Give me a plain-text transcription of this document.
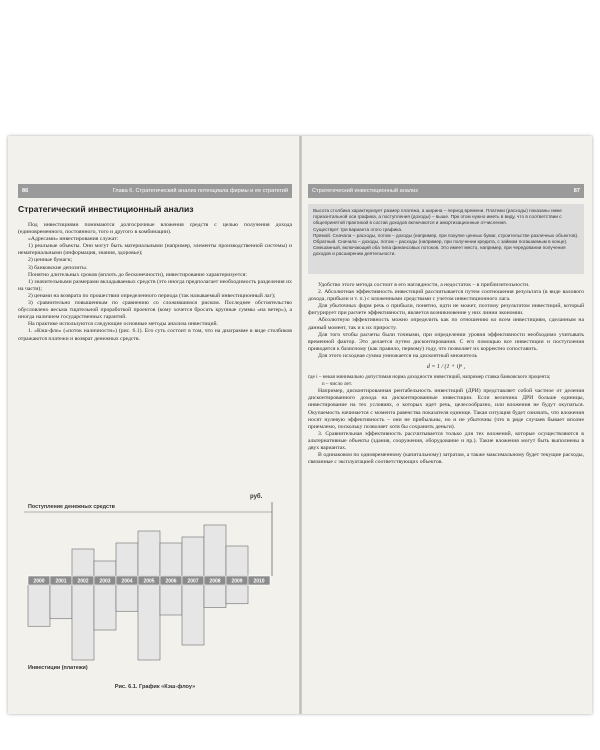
86	Глава 6. Стратегический анализ потенциала фирмы и ее стратегий
Стратегический инвестиционный анализ

Под инвестициями понимаются долгосрочные вложения средств с целью получения дохода (единовременного, постоянного, того и другого в комбинации).

«Адресами» инвестирования служат:

1) реальные объекты. Они могут быть материальными (например, элементы производственной системы) и нематериальными (информация, знания, здоровье);

2) ценные бумаги;

3) банковские депозиты.

Понятно длительных сроков (вплоть до бесконечности), инвестирование характеризуется:

1) значительными размерами вкладываемых средств (это иногда предполагает необходимость разделения их на части);

2) ценами на возврата по прошествии определенного периода (так называемый инвестиционный лаг);

3) сравнительно повышенным по сравнению со сложившимся риском. Последнее обстоятельство обусловлено весьма тщательной проработкой проектов (кому хочется бросать крупные суммы «на ветер»), а иногда наличием государственных гарантий.

На практике используются следующие основные методы анализа инвестиций.

1. «Кэш-фло» («поток наличности») (рис. 6.1). Его суть состоит в том, что на диаграмме в виде столбиков отражаются платежи и возврат денежных средств.

руб.
Поступление денежных средств
Инвестиции (платежи)
2000 2001 2002 2003 2004 2005 2006 2007 2008 2009 2010
Рис. 6.1. График «Кэш-флоу»
Стратегический инвестиционный анализ	87

Высота столбика характеризует размер платежа, а ширина – период времени. Платежи (расходы) показаны ниже горизонтальной оси графика, а поступления (доходы) – выше. При этом нужно иметь в виду, что в соответствии с общепринятой практикой в состав доходов включаются и амортизационные отчисления.

Существует три варианта этого графика.

Прямой. Сначала – расходы, потом – доходы (например, при покупке ценных бумаг, строительстве различных объектов).

Обратный. Сначала – доходы, потом – расходы (например, при получении кредита, с займом погашаемым в конце).

Смешанный, включающий оба типа финансовых потоков. Это имеет место, например, при чередовании получения доходов и расширении деятельности.

Удобство этого метода состоит в его наглядности, а недостаток – в приблизительности.

2. Абсолютная эффективность инвестиций рассчитывается путем соотношения результата (в виде валового дохода, прибыли и т. п.) с вложенными средствами с учетом инвестиционного лага.

Для убыточных фирм речь о прибыли, понятно, идти не может, поэтому результатом инвестиций, который фигурирует при расчете эффективности, является возникновение у них линии экономии.

Абсолютную эффективность можно определить как по отношению ко всем инвестициям, сделанным на данный момент, так и к их приросту.

Для того чтобы расчеты были точными, при определении уровня эффективности необходимо учитывать временной фактор. Это делается путем дисконтирования. С его помощью все инвестиции и поступления приводятся к базисному (как правило, первому) году, что позволяет их корректно сопоставить.

Для этого исходная сумма умножается на дисконтный множитель

d = 1 / (1 + i)ⁿ ,

где i – некая минимально допустимая норма доходности инвестиций, например ставка банковского процента;

n – число лет.

Например, дисконтированная рентабельность инвестиций (ДРИ) представляет собой частное от деления дисконтированного дохода на дисконтированные инвестиции. Если величина ДРИ больше единицы, инвестирование на тех условиях, о которых идет речь, целесообразно, или вложения не будут окупаться. Окупаемость начинается с момента равенства показателя единице. Такая ситуация будет означать, что вложения носят нулевую эффективность – они не прибыльны, но и не убыточны (что в ряде случаев бывает вполне приемлемо, поскольку позволяет хотя бы сохранить деньги).

3. Сравнительная эффективность рассчитывается только для тех вложений, которые осуществляются в альтернативные объекты (здания, сооружения, оборудование и пр.). Такие вложения могут быть выполнены в двух вариантах.

В одинаковом по одновременному (капитальному) затратам, а также максимальному будет текущие расходы, связанные с эксплуатацией соответствующих объектов.
